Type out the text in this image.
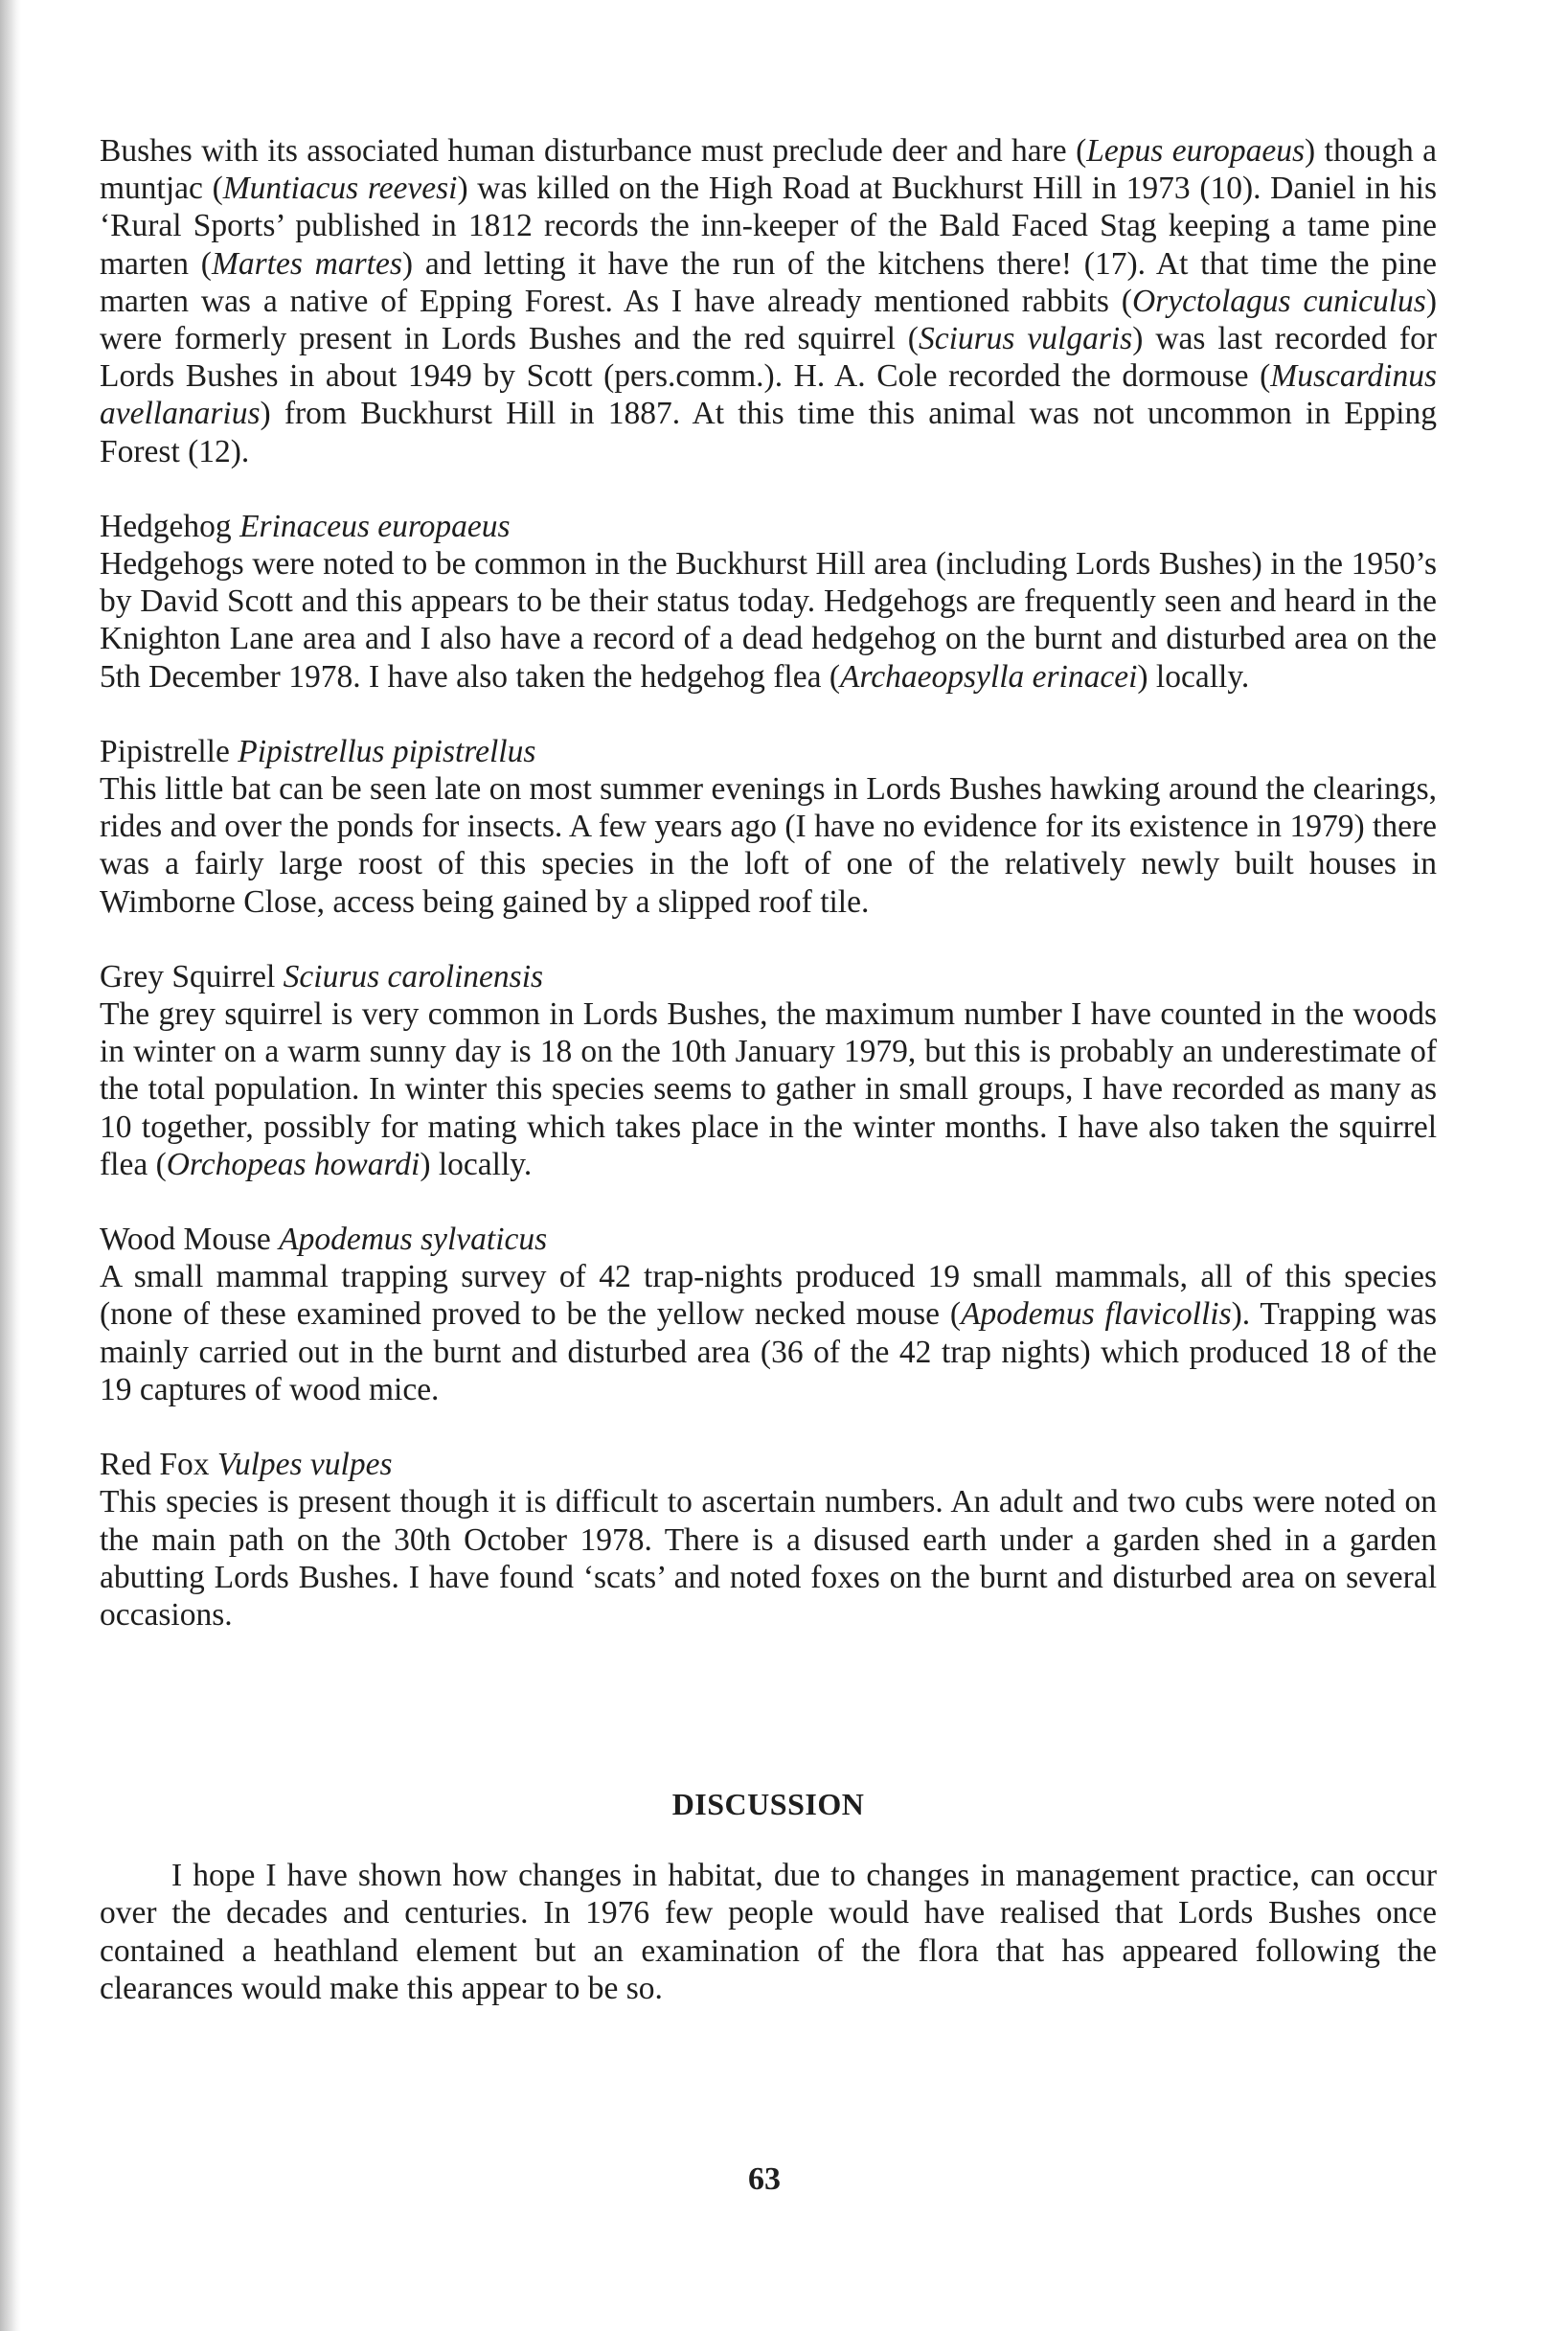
Bushes with its associated human disturbance must preclude deer and hare (Lepus europaeus) though a muntjac (Muntiacus reevesi) was killed on the High Road at Buckhurst Hill in 1973 (10). Daniel in his ‘Rural Sports’ published in 1812 records the inn-keeper of the Bald Faced Stag keeping a tame pine marten (Martes martes) and letting it have the run of the kitchens there! (17). At that time the pine marten was a native of Epping Forest. As I have already mentioned rabbits (Oryctolagus cuniculus) were formerly present in Lords Bushes and the red squirrel (Sciurus vulgaris) was last recorded for Lords Bushes in about 1949 by Scott (pers.comm.). H. A. Cole recorded the dormouse (Muscardinus avellanarius) from Buckhurst Hill in 1887. At this time this animal was not uncommon in Epping Forest (12).

Hedgehog Erinaceus europaeus

Hedgehogs were noted to be common in the Buckhurst Hill area (including Lords Bushes) in the 1950’s by David Scott and this appears to be their status today. Hedgehogs are frequently seen and heard in the Knighton Lane area and I also have a record of a dead hedgehog on the burnt and disturbed area on the 5th December 1978. I have also taken the hedgehog flea (Archaeopsylla erinacei) locally.

Pipistrelle Pipistrellus pipistrellus

This little bat can be seen late on most summer evenings in Lords Bushes hawking around the clearings, rides and over the ponds for insects. A few years ago (I have no evidence for its existence in 1979) there was a fairly large roost of this species in the loft of one of the relatively newly built houses in Wimborne Close, access being gained by a slipped roof tile.

Grey Squirrel Sciurus carolinensis

The grey squirrel is very common in Lords Bushes, the maximum number I have counted in the woods in winter on a warm sunny day is 18 on the 10th January 1979, but this is probably an underestimate of the total population. In winter this species seems to gather in small groups, I have recorded as many as 10 together, possibly for mating which takes place in the winter months. I have also taken the squirrel flea (Orchopeas howardi) locally.

Wood Mouse Apodemus sylvaticus

A small mammal trapping survey of 42 trap-nights produced 19 small mammals, all of this species (none of these examined proved to be the yellow necked mouse (Apodemus flavicollis). Trapping was mainly carried out in the burnt and disturbed area (36 of the 42 trap nights) which produced 18 of the 19 captures of wood mice.

Red Fox Vulpes vulpes

This species is present though it is difficult to ascertain numbers. An adult and two cubs were noted on the main path on the 30th October 1978. There is a disused earth under a garden shed in a garden abutting Lords Bushes. I have found ‘scats’ and noted foxes on the burnt and disturbed area on several occasions.

DISCUSSION

I hope I have shown how changes in habitat, due to changes in management practice, can occur over the decades and centuries. In 1976 few people would have realised that Lords Bushes once contained a heathland element but an examination of the flora that has appeared following the clearances would make this appear to be so.

63
